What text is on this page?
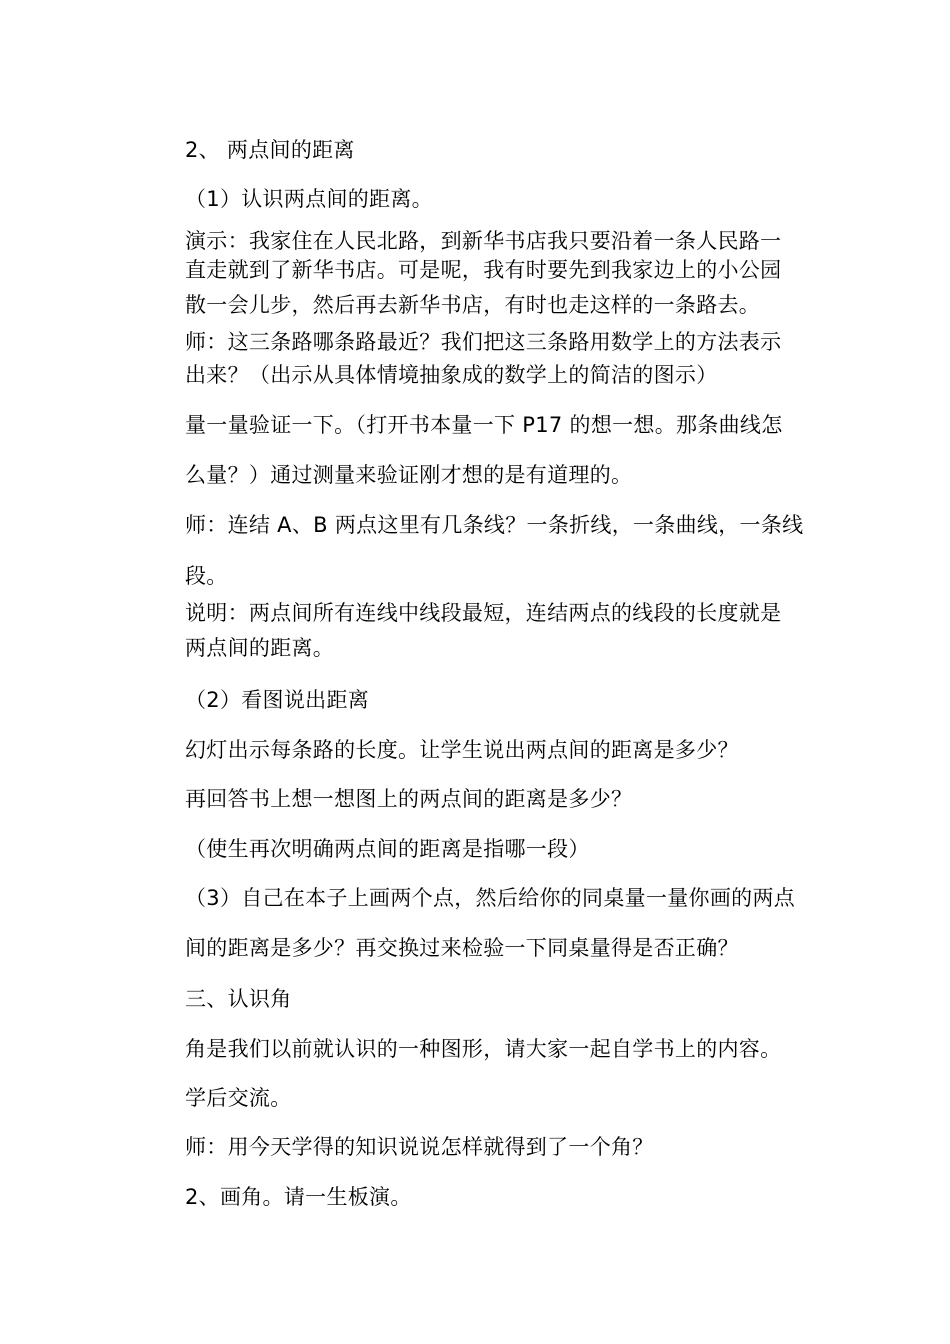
2、 两点间的距离
（1）认识两点间的距离。
演示：我家住在人民北路，到新华书店我只要沿着一条人民路一
直走就到了新华书店。可是呢，我有时要先到我家边上的小公园
散一会儿步，然后再去新华书店，有时也走这样的一条路去。
师：这三条路哪条路最近？我们把这三条路用数学上的方法表示
出来？（出示从具体情境抽象成的数学上的简洁的图示）
量一量验证一下。（打开书本量一下 P17 的想一想。那条曲线怎
么量？）通过测量来验证刚才想的是有道理的。
师：连结 A、B 两点这里有几条线？一条折线，一条曲线，一条线
段。
说明：两点间所有连线中线段最短，连结两点的线段的长度就是
两点间的距离。
（2）看图说出距离
幻灯出示每条路的长度。让学生说出两点间的距离是多少？
再回答书上想一想图上的两点间的距离是多少？
（使生再次明确两点间的距离是指哪一段）
（3）自己在本子上画两个点，然后给你的同桌量一量你画的两点
间的距离是多少？再交换过来检验一下同桌量得是否正确？
三、认识角
角是我们以前就认识的一种图形，请大家一起自学书上的内容。
学后交流。
师：用今天学得的知识说说怎样就得到了一个角？
2、画角。请一生板演。
